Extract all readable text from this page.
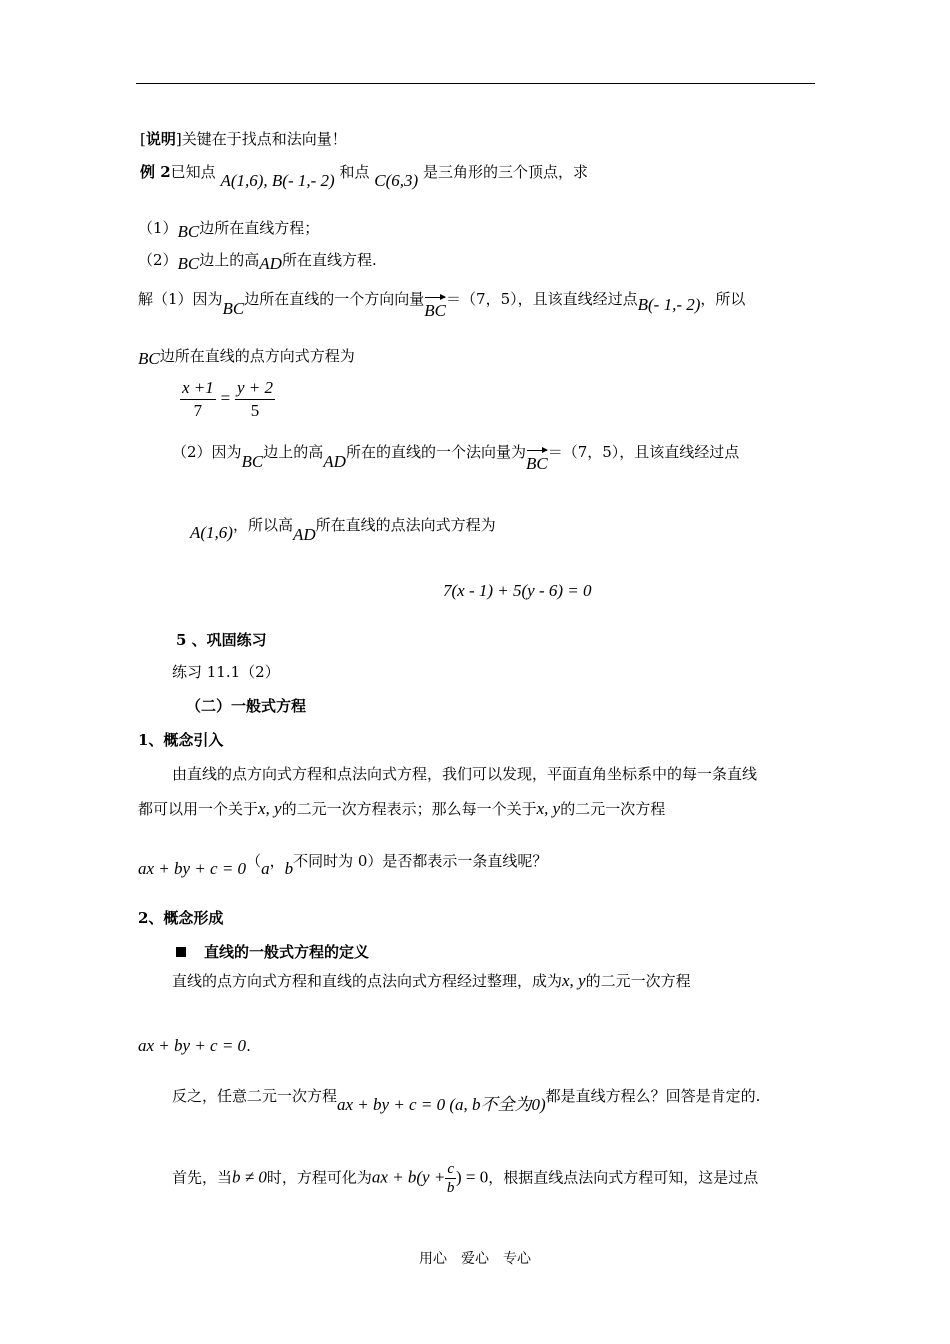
[说明]关键在于找点和法向量！
例 2已知点 A(1,6), B(- 1,- 2) 和点 C(6,3) 是三角形的三个顶点，求
（1）BC边所在直线方程；
（2）BC边上的高AD所在直线方程.
解（1）因为BC边所在直线的一个方向向量BC＝（7，5），且该直线经过点B(- 1,- 2)，所以
BC边所在直线的点方向式方程为
$\frac{x +1}{7} = \frac{y + 2}{5}$
（2）因为BC边上的高AD所在的直线的一个法向量为BC＝（7，5），且该直线经过点
A(1,6)，所以高AD所在直线的点法向式方程为
7(x - 1) + 5(y - 6) = 0
5 、巩固练习
练习 11.1（2）
（二）一般式方程
1、概念引入
由直线的点方向式方程和点法向式方程，我们可以发现，平面直角坐标系中的每一条直线
都可以用一个关于x, y的二元一次方程表示；那么每一个关于x, y的二元一次方程
ax + by + c = 0（a，b不同时为 0）是否都表示一条直线呢？
2、概念形成
直线的一般式方程的定义
直线的点方向式方程和直线的点法向式方程经过整理，成为x, y的二元一次方程
ax + by + c = 0.
反之，任意二元一次方程ax + by + c = 0 (a, b不全为0)都是直线方程么？回答是肯定的.
首先，当b ≠ 0时，方程可化为ax + $b(y + \frac{c}{b}$ ) = 0，根据直线点法向式方程可知，这是过点
用心　爱心　专心
